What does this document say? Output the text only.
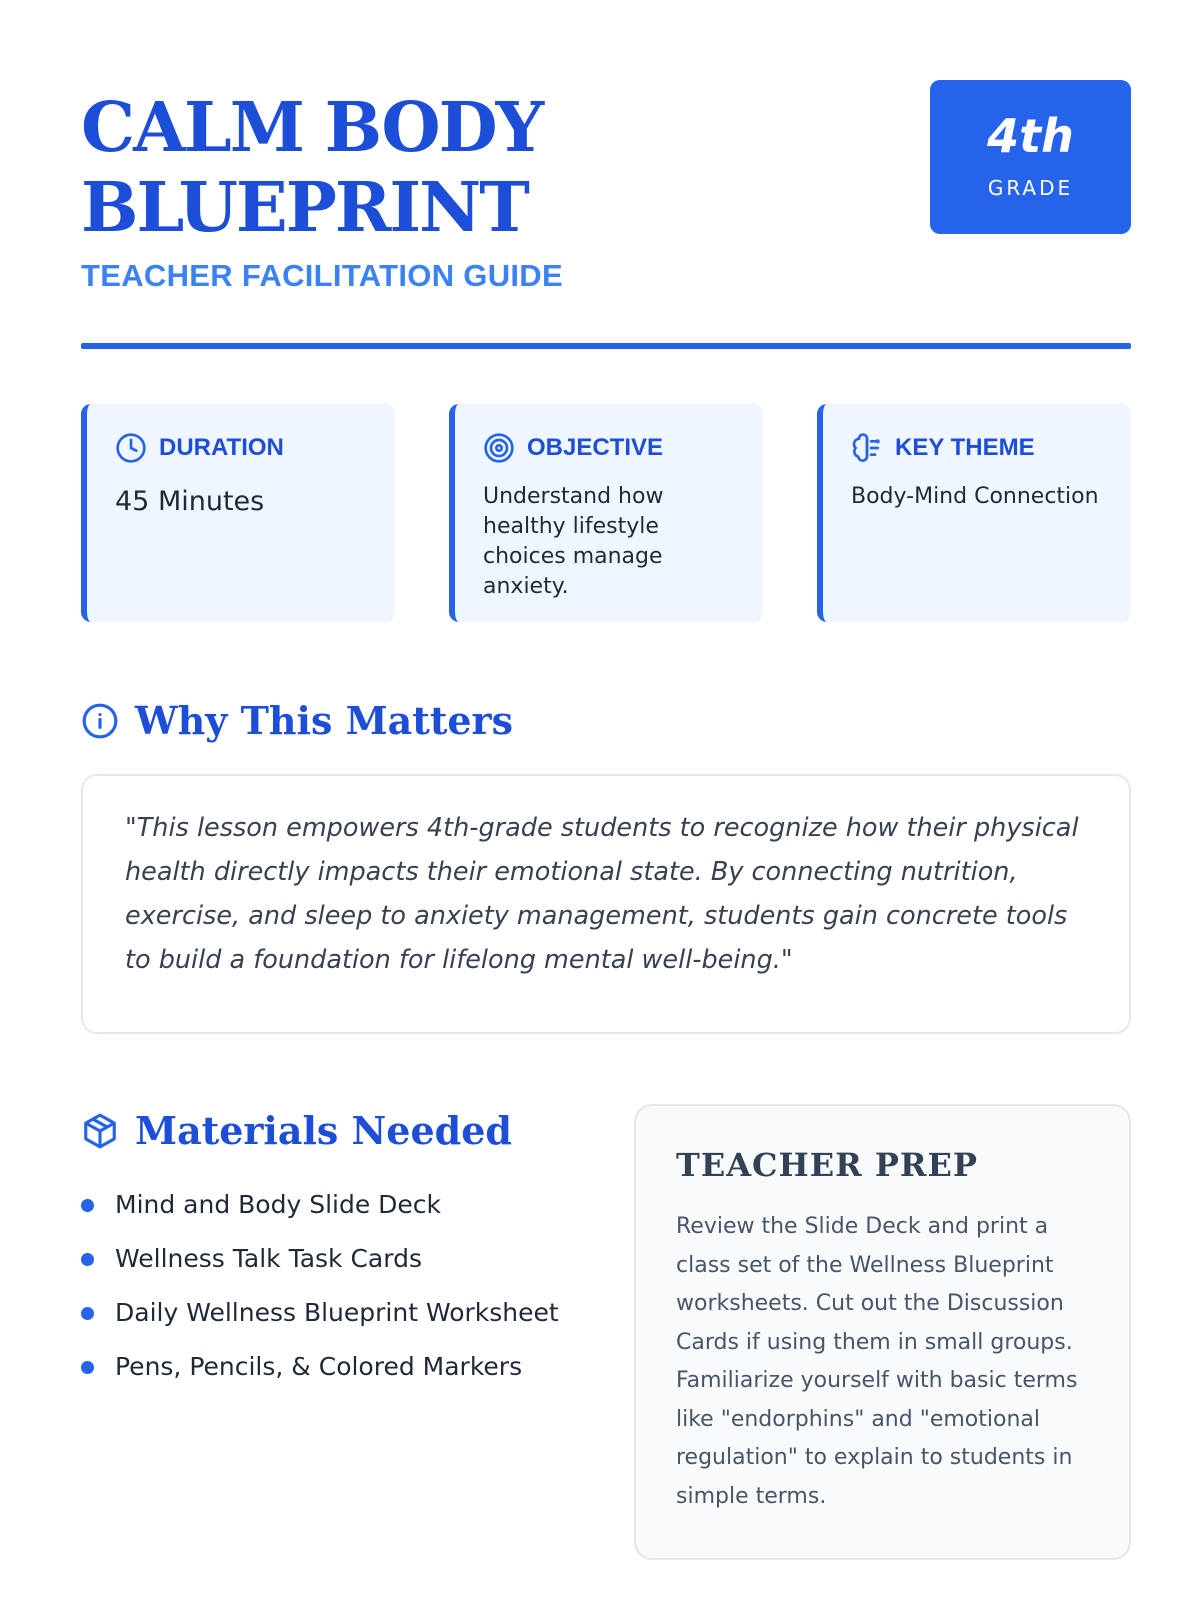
CALM BODY
BLUEPRINT
TEACHER FACILITATION GUIDE
4th
GRADE
DURATION
45 Minutes
OBJECTIVE
Understand how healthy lifestyle choices manage anxiety.
KEY THEME
Body-Mind Connection
Why This Matters

"This lesson empowers 4th-grade students to recognize how their physical health directly impacts their emotional state. By connecting nutrition, exercise, and sleep to anxiety management, students gain concrete tools to build a foundation for lifelong mental well-being."

Materials Needed
Mind and Body Slide Deck
Wellness Talk Task Cards
Daily Wellness Blueprint Worksheet
Pens, Pencils, & Colored Markers
TEACHER PREP

Review the Slide Deck and print a class set of the Wellness Blueprint worksheets. Cut out the Discussion Cards if using them in small groups. Familiarize yourself with basic terms like "endorphins" and "emotional regulation" to explain to students in simple terms.
